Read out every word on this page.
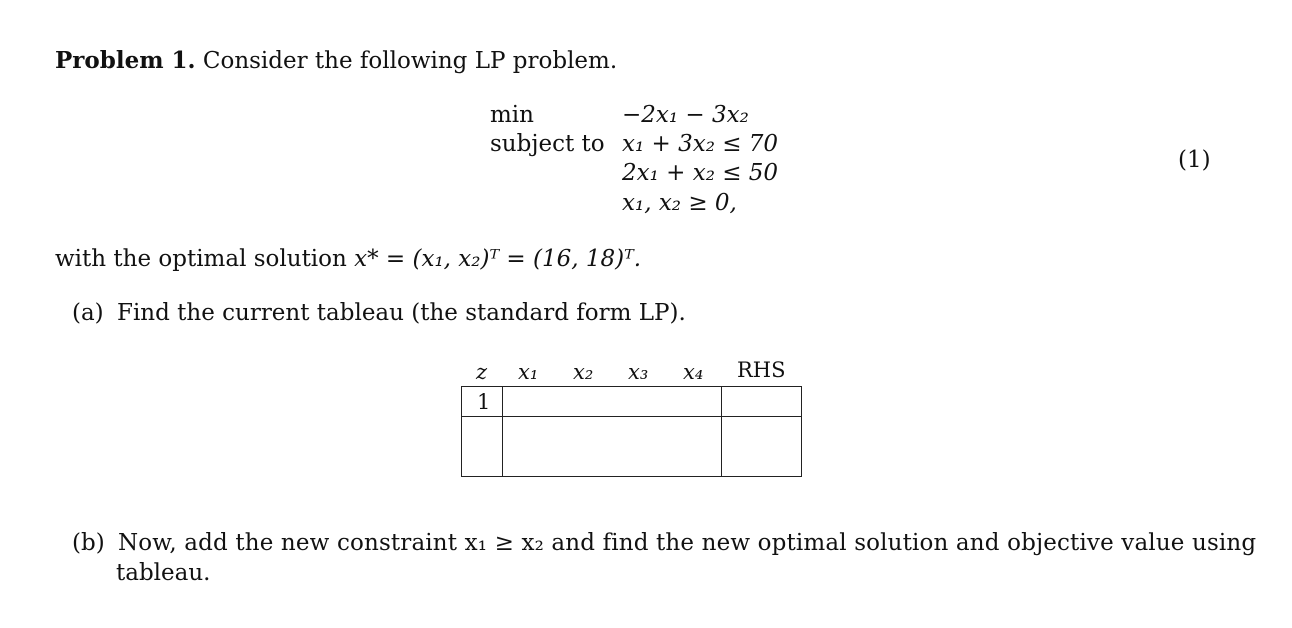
Problem 1. Consider the following LP problem.
min
subject to
−2x₁ − 3x₂
x₁ + 3x₂ ≤ 70
2x₁ + x₂ ≤ 50
x₁, x₂ ≥ 0,
(1)
with the optimal solution x* = (x₁, x₂)ᵀ = (16, 18)ᵀ.
(a) Find the current tableau (the standard form LP).
z x₁ x₂ x₃ x₄ RHS
1
(b) Now, add the new constraint x₁ ≥ x₂ and find the new optimal solution and objective value using
tableau.
